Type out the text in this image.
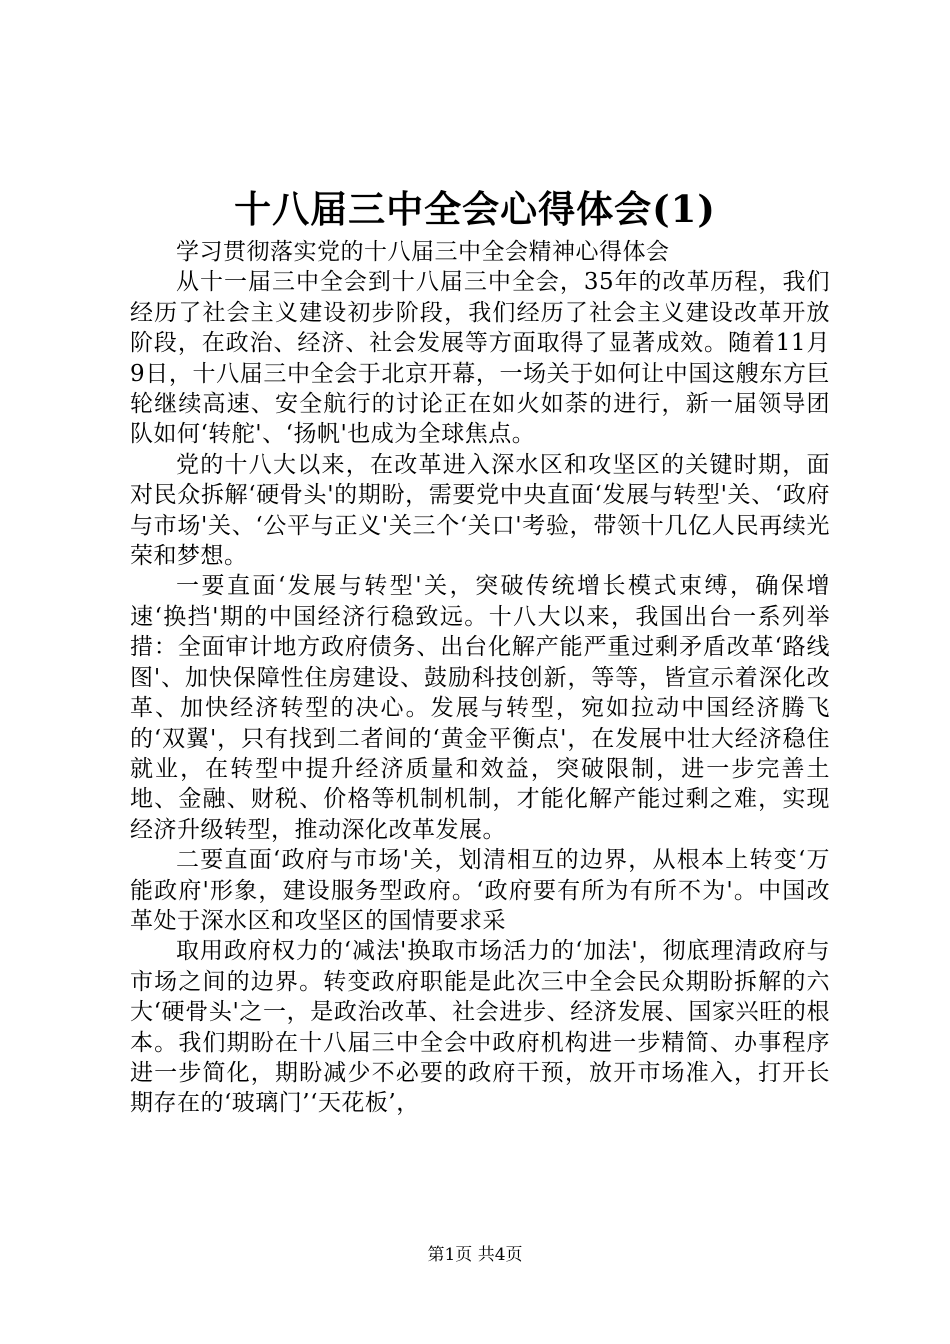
十八届三中全会心得体会(1)

学习贯彻落实党的十八届三中全会精神心得体会

从十一届三中全会到十八届三中全会，35年的改革历程，我们经历了社会主义建设初步阶段，我们经历了社会主义建设改革开放阶段，在政治、经济、社会发展等方面取得了显著成效。随着11月9日，十八届三中全会于北京开幕，一场关于如何让中国这艘东方巨轮继续高速、安全航行的讨论正在如火如荼的进行，新一届领导团队如何‘转舵'、‘扬帆'也成为全球焦点。

党的十八大以来，在改革进入深水区和攻坚区的关键时期，面对民众拆解‘硬骨头'的期盼，需要党中央直面‘发展与转型'关、‘政府与市场'关、‘公平与正义'关三个‘关口'考验，带领十几亿人民再续光荣和梦想。

一要直面‘发展与转型'关，突破传统增长模式束缚，确保增速‘换挡'期的中国经济行稳致远。十八大以来，我国出台一系列举措：全面审计地方政府债务、出台化解产能严重过剩矛盾改革‘路线图'、加快保障性住房建设、鼓励科技创新，等等，皆宣示着深化改革、加快经济转型的决心。发展与转型，宛如拉动中国经济腾飞的‘双翼'，只有找到二者间的‘黄金平衡点'，在发展中壮大经济稳住就业，在转型中提升经济质量和效益，突破限制，进一步完善土地、金融、财税、价格等机制机制，才能化解产能过剩之难，实现经济升级转型，推动深化改革发展。

二要直面‘政府与市场'关，划清相互的边界，从根本上转变‘万能政府'形象，建设服务型政府。‘政府要有所为有所不为'。中国改革处于深水区和攻坚区的国情要求采

取用政府权力的‘减法'换取市场活力的‘加法'，彻底理清政府与市场之间的边界。转变政府职能是此次三中全会民众期盼拆解的六大‘硬骨头'之一，是政治改革、社会进步、经济发展、国家兴旺的根本。我们期盼在十八届三中全会中政府机构进一步精简、办事程序进一步简化，期盼减少不必要的政府干预，放开市场准入，打开长期存在的‘玻璃门’‘天花板’，

第1页 共4页
